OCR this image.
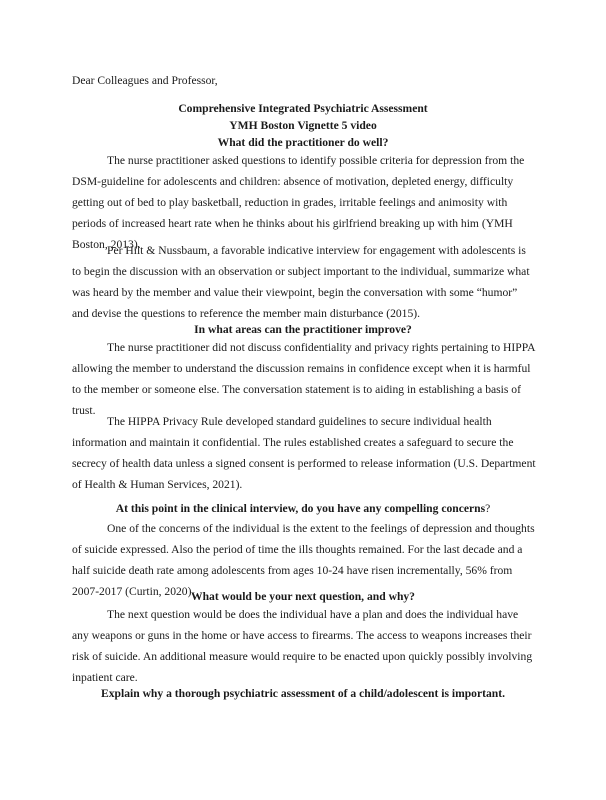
Dear Colleagues and Professor,
Comprehensive Integrated Psychiatric Assessment
YMH Boston Vignette 5 video
What did the practitioner do well?
The nurse practitioner asked questions to identify possible criteria for depression from the DSM-guideline for adolescents and children: absence of motivation, depleted energy, difficulty getting out of bed to play basketball, reduction in grades, irritable feelings and animosity with periods of increased heart rate when he thinks about his girlfriend breaking up with him (YMH Boston, 2013).
Per Hilt & Nussbaum, a favorable indicative interview for engagement with adolescents is to begin the discussion with an observation or subject important to the individual, summarize what was heard by the member and value their viewpoint, begin the conversation with some “humor” and devise the questions to reference the member main disturbance (2015).
In what areas can the practitioner improve?
The nurse practitioner did not discuss confidentiality and privacy rights pertaining to HIPPA allowing the member to understand the discussion remains in confidence except when it is harmful to the member or someone else. The conversation statement is to aiding in establishing a basis of trust.
The HIPPA Privacy Rule developed standard guidelines to secure individual health information and maintain it confidential. The rules established creates a safeguard to secure the secrecy of health data unless a signed consent is performed to release information (U.S. Department of Health & Human Services, 2021).
At this point in the clinical interview, do you have any compelling concerns?
One of the concerns of the individual is the extent to the feelings of depression and thoughts of suicide expressed. Also the period of time the ills thoughts remained. For the last decade and a half suicide death rate among adolescents from ages 10-24 have risen incrementally, 56% from 2007-2017 (Curtin, 2020).
What would be your next question, and why?
The next question would be does the individual have a plan and does the individual have any weapons or guns in the home or have access to firearms. The access to weapons increases their risk of suicide. An additional measure would require to be enacted upon quickly possibly involving inpatient care.
Explain why a thorough psychiatric assessment of a child/adolescent is important.
